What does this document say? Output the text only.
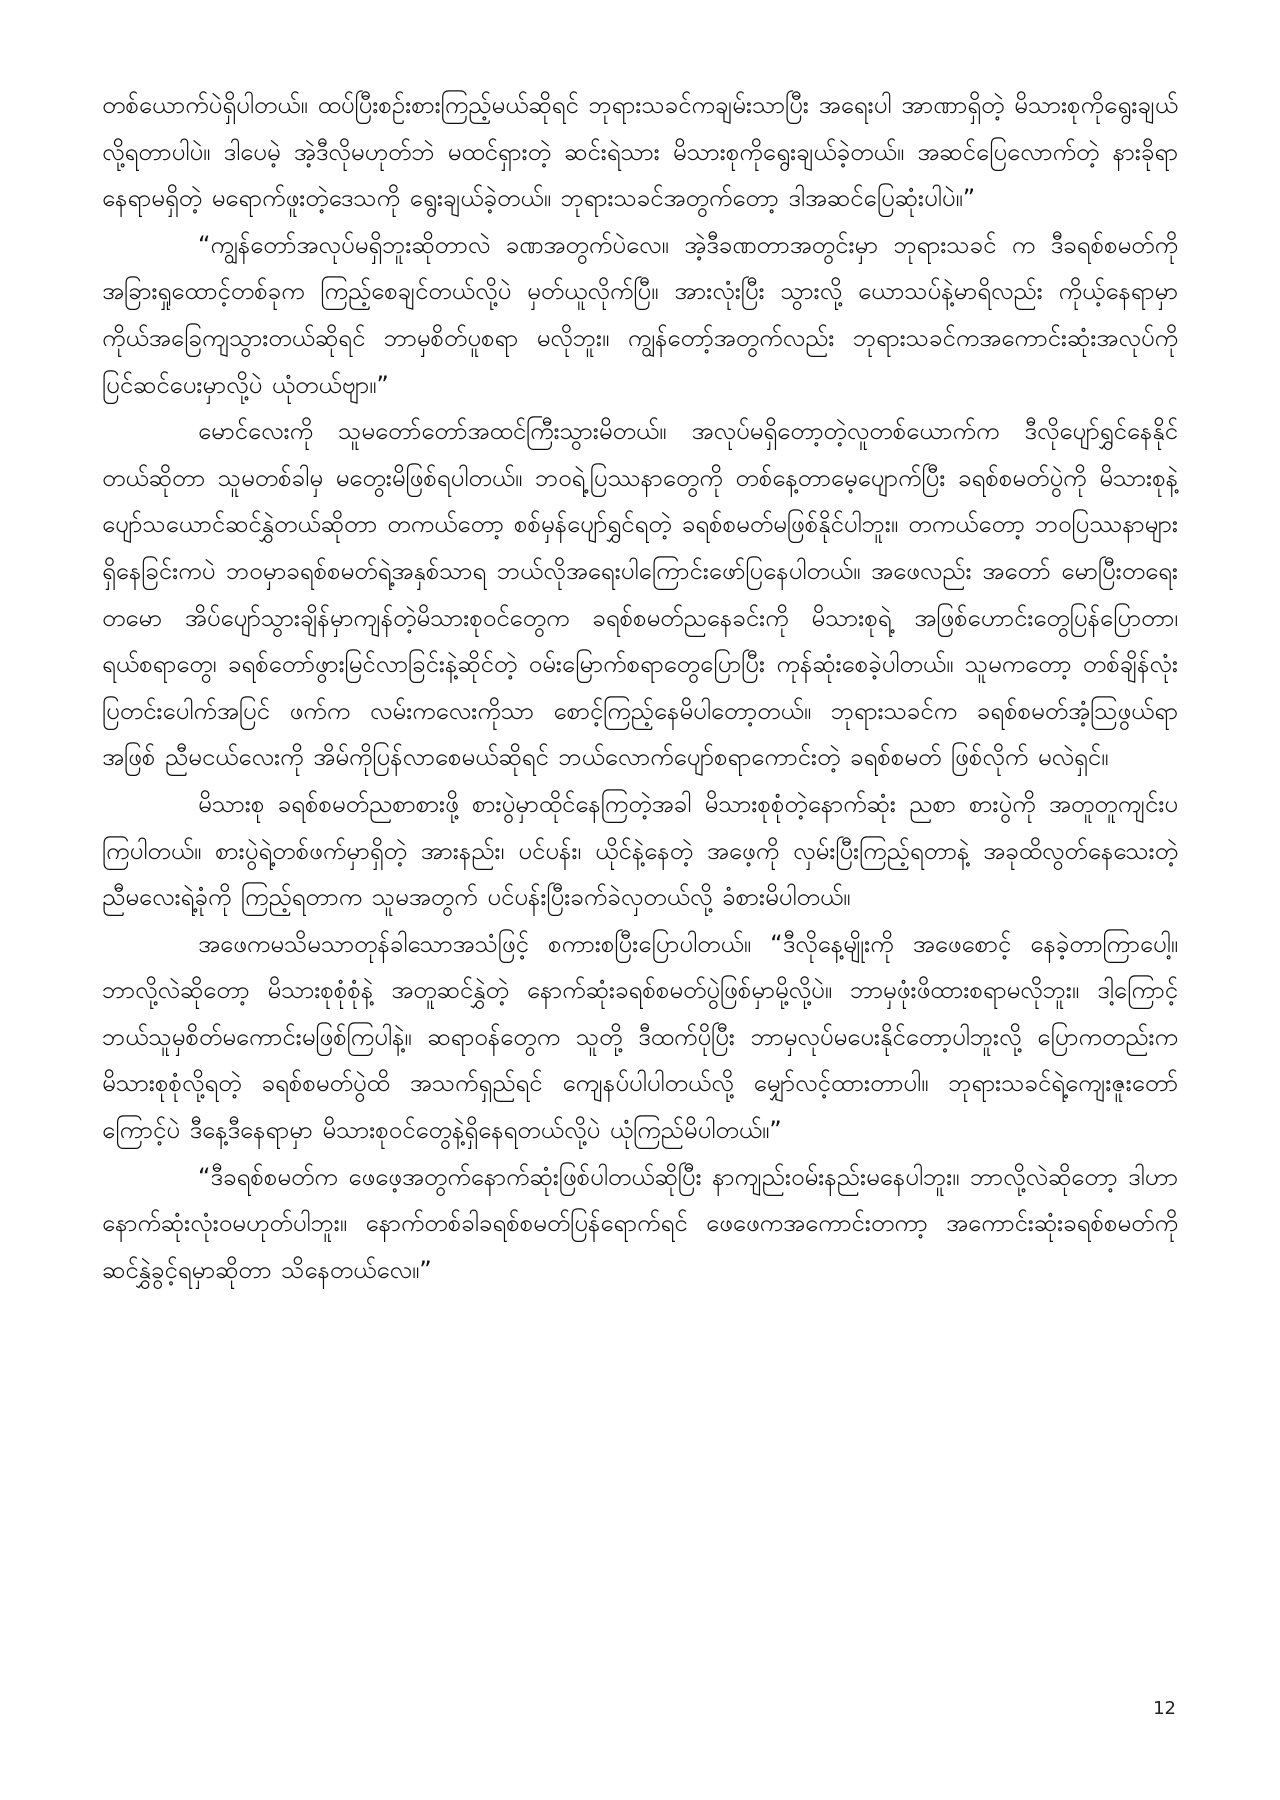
တစ်ယောက်ပဲရှိပါတယ်။ ထပ်ပြီးစဉ်းစားကြည့်မယ်ဆိုရင် ဘုရားသခင်ကချမ်းသာပြီး အရေးပါ အာဏာရှိတဲ့ မိသားစုကိုရွေးချယ်လို့ရတာပါပဲ။ ဒါပေမဲ့ အဲ့ဒီလိုမဟုတ်ဘဲ မထင်ရှားတဲ့ ဆင်းရဲသား မိသားစုကိုရွေးချယ်ခဲ့တယ်။ အဆင်ပြေလောက်တဲ့ နားခိုရာနေရာမရှိတဲ့ မရောက်ဖူးတဲ့ဒေသကို ရွေးချယ်ခဲ့တယ်။ ဘုရားသခင်အတွက်တော့ ဒါအဆင်ပြေဆုံးပါပဲ။”

“ကျွန်တော်အလုပ်မရှိဘူးဆိုတာလဲ ခဏအတွက်ပဲလေ။ အဲ့ဒီခဏတာအတွင်းမှာ ဘုရားသခင် က ဒီခရစ်စမတ်ကို အခြားရှုထောင့်တစ်ခုက ကြည့်စေချင်တယ်လို့ပဲ မှတ်ယူလိုက်ပြီ။ အားလုံးပြီး သွားလို့ ယောသပ်နဲ့မာရိလည်း ကိုယ့်နေရာမှာကိုယ်အခြေကျသွားတယ်ဆိုရင် ဘာမှစိတ်ပူစရာ မလိုဘူး။ ကျွန်တော့်အတွက်လည်း ဘုရားသခင်ကအကောင်းဆုံးအလုပ်ကို ပြင်ဆင်ပေးမှာလို့ပဲ ယုံတယ်ဗျာ။”

မောင်လေးကို သူမတော်တော်အထင်ကြီးသွားမိတယ်။ အလုပ်မရှိတော့တဲ့လူတစ်ယောက်က ဒီလိုပျော်ရွှင်နေနိုင်တယ်ဆိုတာ သူမတစ်ခါမှ မတွေးမိဖြစ်ရပါတယ်။ ဘဝရဲ့ပြဿနာတွေကို တစ်နေ့တာမေ့ပျောက်ပြီး ခရစ်စမတ်ပွဲကို မိသားစုနဲ့ပျော်သယောင်ဆင်နွှဲတယ်ဆိုတာ တကယ်တော့ စစ်မှန်ပျော်ရွှင်ရတဲ့ ခရစ်စမတ်မဖြစ်နိုင်ပါဘူး။ တကယ်တော့ ဘဝပြဿနာများရှိနေခြင်းကပဲ ဘဝမှာခရစ်စမတ်ရဲ့အနှစ်သာရ ဘယ်လိုအရေးပါကြောင်းဖော်ပြနေပါတယ်။ အဖေလည်း အတော် မောပြီးတရေးတမော အိပ်ပျော်သွားချိန်မှာကျန်တဲ့မိသားစုဝင်တွေက ခရစ်စမတ်ညနေခင်းကို မိသားစုရဲ့ အဖြစ်ဟောင်းတွေပြန်ပြောတာ၊ ရယ်စရာတွေ၊ ခရစ်တော်ဖွားမြင်လာခြင်းနဲ့ဆိုင်တဲ့ ဝမ်းမြောက်စရာတွေပြောပြီး ကုန်ဆုံးစေခဲ့ပါတယ်။ သူမကတော့ တစ်ချိန်လုံးပြတင်းပေါက်အပြင် ဖက်က လမ်းကလေးကိုသာ စောင့်ကြည့်နေမိပါတော့တယ်။ ဘုရားသခင်က ခရစ်စမတ်အံ့သြဖွယ်ရာ အဖြစ် ညီမငယ်လေးကို အိမ်ကိုပြန်လာစေမယ်ဆိုရင် ဘယ်လောက်ပျော်စရာကောင်းတဲ့ ခရစ်စမတ် ဖြစ်လိုက် မလဲရှင်။

မိသားစု ခရစ်စမတ်ညစာစားဖို့ စားပွဲမှာထိုင်နေကြတဲ့အခါ မိသားစုစုံတဲ့နောက်ဆုံး ညစာ စားပွဲကို အတူတူကျင်းပကြပါတယ်။ စားပွဲရဲ့တစ်ဖက်မှာရှိတဲ့ အားနည်း၊ ပင်ပန်း၊ ယိုင်နဲ့နေတဲ့ အဖေ့ကို လှမ်းပြီးကြည့်ရတာနဲ့ အခုထိလွတ်နေသေးတဲ့ ညီမလေးရဲ့ခုံကို ကြည့်ရတာက သူမအတွက် ပင်ပန်းပြီးခက်ခဲလှတယ်လို့ ခံစားမိပါတယ်။

အဖေကမသိမသာတုန်ခါသောအသံဖြင့် စကားစပြီးပြောပါတယ်။ “ဒီလိုနေ့မျိုးကို အဖေစောင့် နေခဲ့တာကြာပေါ့။ ဘာလို့လဲဆိုတော့ မိသားစုစုံစုံနဲ့ အတူဆင်နွှဲတဲ့ နောက်ဆုံးခရစ်စမတ်ပွဲဖြစ်မှာမို့လို့ပဲ။ ဘာမှဖုံးဖိထားစရာမလိုဘူး။ ဒါ့ကြောင့် ဘယ်သူမှစိတ်မကောင်းမဖြစ်ကြပါနဲ့။ ဆရာဝန်တွေက သူတို့ ဒီထက်ပိုပြီး ဘာမှလုပ်မပေးနိုင်တော့ပါဘူးလို့ ပြောကတည်းက မိသားစုစုံလို့ရတဲ့ ခရစ်စမတ်ပွဲထိ အသက်ရှည်ရင် ကျေနပ်ပါပါတယ်လို့ မျှော်လင့်ထားတာပါ။ ဘုရားသခင်ရဲ့ကျေးဇူးတော်ကြောင့်ပဲ ဒီနေ့ဒီနေရာမှာ မိသားစုဝင်တွေနဲ့ရှိနေရတယ်လို့ပဲ ယုံကြည်မိပါတယ်။”

“ဒီခရစ်စမတ်က ဖေဖေ့အတွက်နောက်ဆုံးဖြစ်ပါတယ်ဆိုပြီး နာကျည်းဝမ်းနည်းမနေပါဘူး။ ဘာလို့လဲဆိုတော့ ဒါဟာနောက်ဆုံးလုံးဝမဟုတ်ပါဘူး။ နောက်တစ်ခါခရစ်စမတ်ပြန်ရောက်ရင် ဖေဖေကအကောင်းတကာ့ အကောင်းဆုံးခရစ်စမတ်ကို ဆင်နွှဲခွင့်ရမှာဆိုတာ သိနေတယ်လေ။”

12
